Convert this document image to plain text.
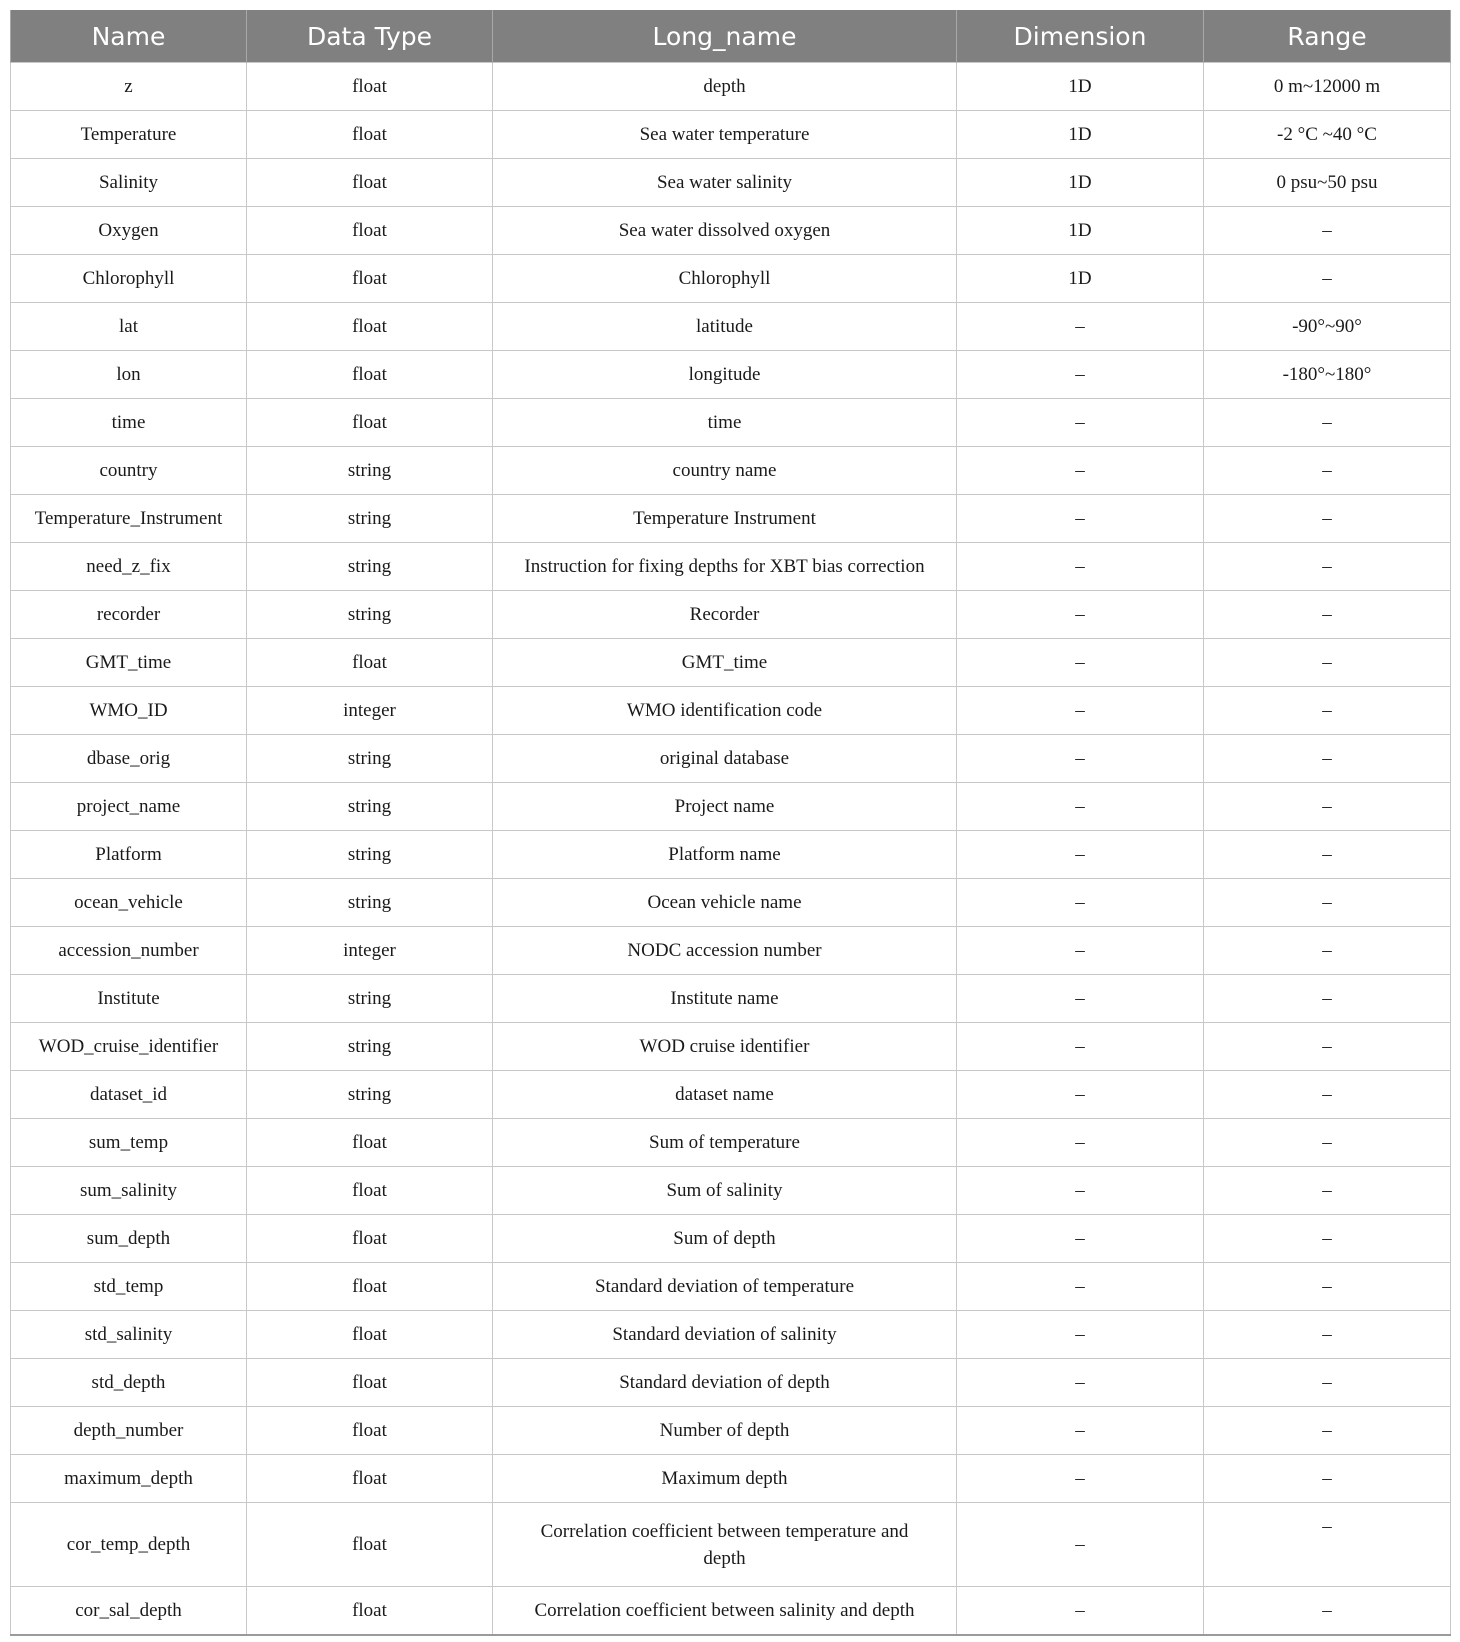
Name	Data Type	Long_name	Dimension	Range
z	float	depth	1D	0 m~12000 m
Temperature	float	Sea water temperature	1D	-2 °C ~40 °C
Salinity	float	Sea water salinity	1D	0 psu~50 psu
Oxygen	float	Sea water dissolved oxygen	1D	–
Chlorophyll	float	Chlorophyll	1D	–
lat	float	latitude	–	-90°~90°
lon	float	longitude	–	-180°~180°
time	float	time	–	–
country	string	country name	–	–
Temperature_Instrument	string	Temperature Instrument	–	–
need_z_fix	string	Instruction for fixing depths for XBT bias correction	–	–
recorder	string	Recorder	–	–
GMT_time	float	GMT_time	–	–
WMO_ID	integer	WMO identification code	–	–
dbase_orig	string	original database	–	–
project_name	string	Project name	–	–
Platform	string	Platform name	–	–
ocean_vehicle	string	Ocean vehicle name	–	–
accession_number	integer	NODC accession number	–	–
Institute	string	Institute name	–	–
WOD_cruise_identifier	string	WOD cruise identifier	–	–
dataset_id	string	dataset name	–	–
sum_temp	float	Sum of temperature	–	–
sum_salinity	float	Sum of salinity	–	–
sum_depth	float	Sum of depth	–	–
std_temp	float	Standard deviation of temperature	–	–
std_salinity	float	Standard deviation of salinity	–	–
std_depth	float	Standard deviation of depth	–	–
depth_number	float	Number of depth	–	–
maximum_depth	float	Maximum depth	–	–
cor_temp_depth	float	Correlation coefficient between temperature and depth	–	–
cor_sal_depth	float	Correlation coefficient between salinity and depth	–	–
